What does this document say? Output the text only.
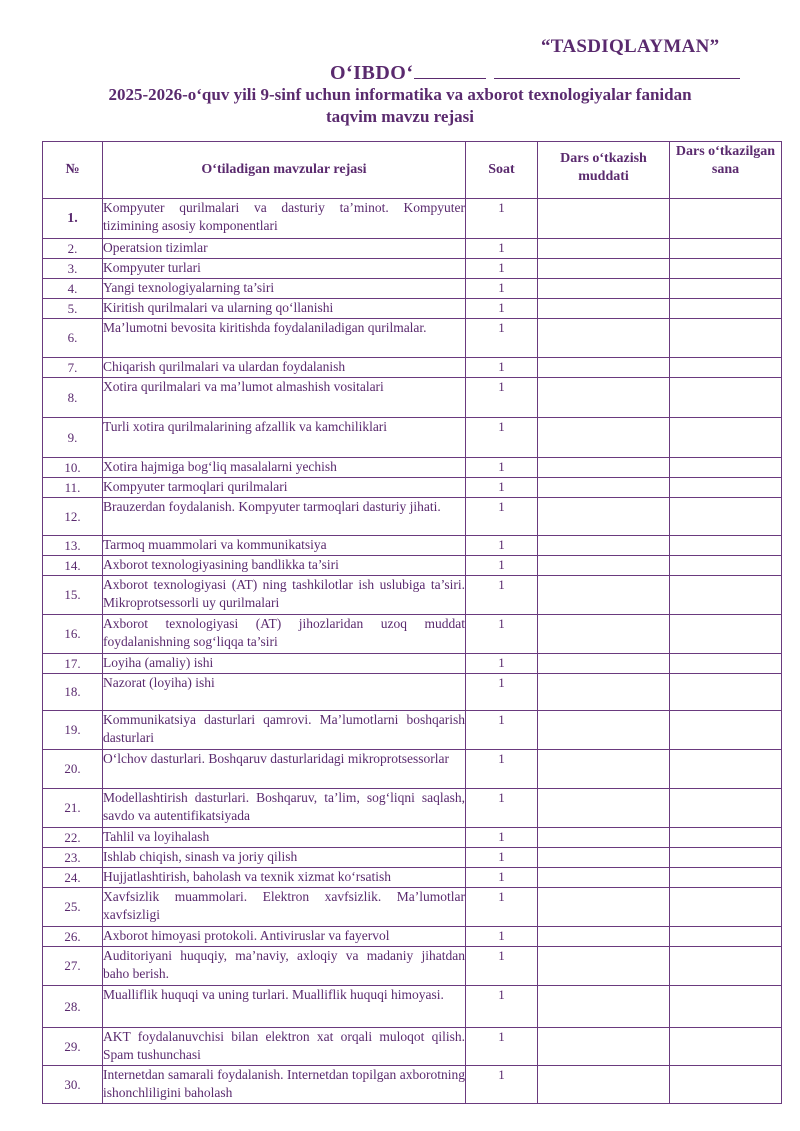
“TASDIQLAYMAN”
O‘IBDO‘
2025-2026-o‘quv yili 9-sinf uchun informatika va axborot texnologiyalar fanidan
taqvim mavzu rejasi
№	O‘tiladigan mavzular rejasi	Soat	Dars o‘tkazish muddati	Dars o‘tkazilgan sana
1.	Kompyuter qurilmalari va dasturiy ta’minot. Kompyuter tizimining asosiy komponentlari	1		
2.	Operatsion tizimlar	1		
3.	Kompyuter turlari	1		
4.	Yangi texnologiyalarning ta’siri	1		
5.	Kiritish qurilmalari va ularning qo‘llanishi	1		
6.	Ma’lumotni bevosita kiritishda foydalaniladigan qurilmalar.	1		
7.	Chiqarish qurilmalari va ulardan foydalanish	1		
8.	Xotira qurilmalari va ma’lumot almashish vositalari	1		
9.	Turli xotira qurilmalarining afzallik va kamchiliklari	1		
10.	Xotira hajmiga bog‘liq masalalarni yechish	1		
11.	Kompyuter tarmoqlari qurilmalari	1		
12.	Brauzerdan foydalanish. Kompyuter tarmoqlari dasturiy jihati.	1		
13.	Tarmoq muammolari va kommunikatsiya	1		
14.	Axborot texnologiyasining bandlikka ta’siri	1		
15.	Axborot texnologiyasi (AT) ning tashkilotlar ish uslubiga ta’siri. Mikroprotsessorli uy qurilmalari	1		
16.	Axborot texnologiyasi (AT) jihozlaridan uzoq muddat foydalanishning sog‘liqqa ta’siri	1		
17.	Loyiha (amaliy) ishi	1		
18.	Nazorat (loyiha) ishi	1		
19.	Kommunikatsiya dasturlari qamrovi. Ma’lumotlarni boshqarish dasturlari	1		
20.	O‘lchov dasturlari. Boshqaruv dasturlaridagi mikroprotsessorlar	1		
21.	Modellashtirish dasturlari. Boshqaruv, ta’lim, sog‘liqni saqlash, savdo va autentifikatsiyada	1		
22.	Tahlil va loyihalash	1		
23.	Ishlab chiqish, sinash va joriy qilish	1		
24.	Hujjatlashtirish, baholash va texnik xizmat ko‘rsatish	1		
25.	Xavfsizlik muammolari. Elektron xavfsizlik. Ma’lumotlar xavfsizligi	1		
26.	Axborot himoyasi protokoli. Antiviruslar va fayervol	1		
27.	Auditoriyani huquqiy, ma’naviy, axloqiy va madaniy jihatdan baho berish.	1		
28.	Mualliflik huquqi va uning turlari. Mualliflik huquqi himoyasi.	1		
29.	AKT foydalanuvchisi bilan elektron xat orqali muloqot qilish. Spam tushunchasi	1		
30.	Internetdan samarali foydalanish. Internetdan topilgan axborotning ishonchliligini baholash	1		
